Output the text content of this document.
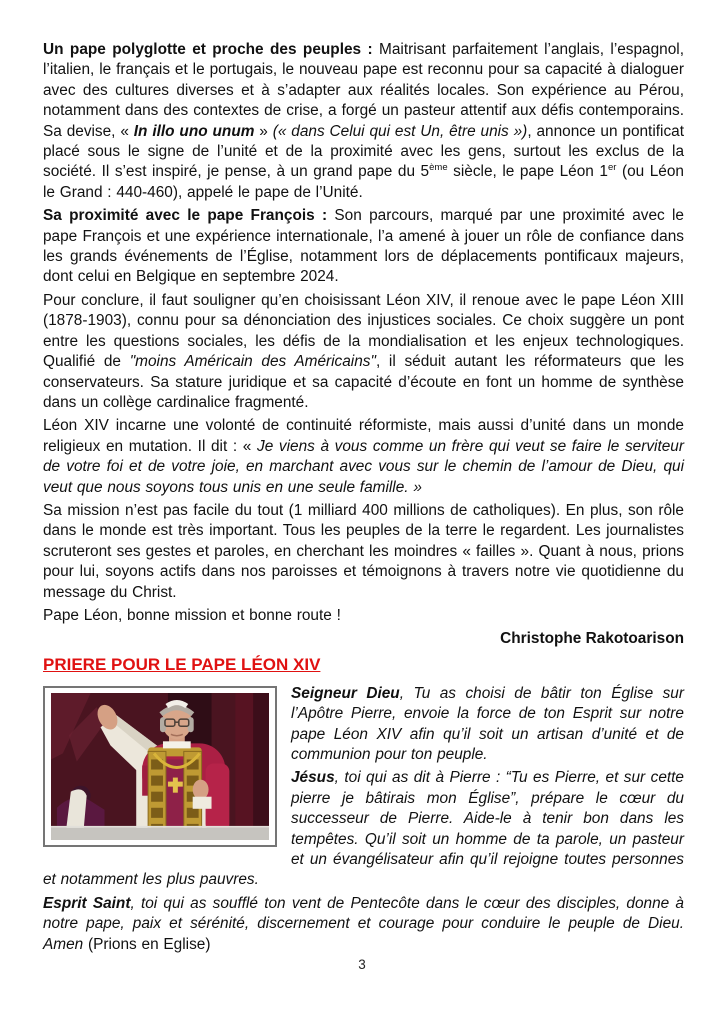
Un pape polyglotte et proche des peuples : Maitrisant parfaitement l’anglais, l’espagnol, l’italien, le français et le portugais, le nouveau pape est reconnu pour sa capacité à dialoguer avec des cultures diverses et à s’adapter aux réalités locales. Son expérience au Pérou, notamment dans des contextes de crise, a forgé un pasteur attentif aux défis contemporains. Sa devise, « In illo uno unum » (« dans Celui qui est Un, être unis »), annonce un pontificat placé sous le signe de l’unité et de la proximité avec les gens, surtout les exclus de la société. Il s’est inspiré, je pense, à un grand pape du 5ème siècle, le pape Léon 1er (ou Léon le Grand : 440-460), appelé le pape de l’Unité.

Sa proximité avec le pape François : Son parcours, marqué par une proximité avec le pape François et une expérience internationale, l’a amené à jouer un rôle de confiance dans les grands événements de l’Église, notamment lors de déplacements pontificaux majeurs, dont celui en Belgique en septembre 2024.

Pour conclure, il faut souligner qu’en choisissant Léon XIV, il renoue avec le pape Léon XIII (1878-1903), connu pour sa dénonciation des injustices sociales. Ce choix suggère un pont entre les questions sociales, les défis de la mondialisation et les enjeux technologiques. Qualifié de "moins Américain des Américains", il séduit autant les réformateurs que les conservateurs. Sa stature juridique et sa capacité d’écoute en font un homme de synthèse dans un collège cardinalice fragmenté.

Léon XIV incarne une volonté de continuité réformiste, mais aussi d’unité dans un monde religieux en mutation. Il dit : « Je viens à vous comme un frère qui veut se faire le serviteur de votre foi et de votre joie, en marchant avec vous sur le chemin de l’amour de Dieu, qui veut que nous soyons tous unis en une seule famille. »

Sa mission n’est pas facile du tout (1 milliard 400 millions de catholiques). En plus, son rôle dans le monde est très important. Tous les peuples de la terre le regardent. Les journalistes scruteront ses gestes et paroles, en cherchant les moindres « failles ». Quant à nous, prions pour lui, soyons actifs dans nos paroisses et témoignons à travers notre vie quotidienne du message du Christ.

Pape Léon, bonne mission et bonne route !

Christophe Rakotoarison

PRIERE POUR LE PAPE LÉON XIV

Seigneur Dieu, Tu as choisi de bâtir ton Église sur l’Apôtre Pierre, envoie la force de ton Esprit sur notre pape Léon XIV afin qu’il soit un artisan d’unité et de communion pour ton peuple.

Jésus, toi qui as dit à Pierre : “Tu es Pierre, et sur cette pierre je bâtirais mon Église”, prépare le cœur du successeur de Pierre. Aide-le à tenir bon dans les tempêtes. Qu’il soit un homme de ta parole, un pasteur et un évangélisateur afin qu’il rejoigne toutes personnes et notamment les plus pauvres.

Esprit Saint, toi qui as soufflé ton vent de Pentecôte dans le cœur des disciples, donne à notre pape, paix et sérénité, discernement et courage pour conduire le peuple de Dieu. Amen (Prions en Eglise)

3
